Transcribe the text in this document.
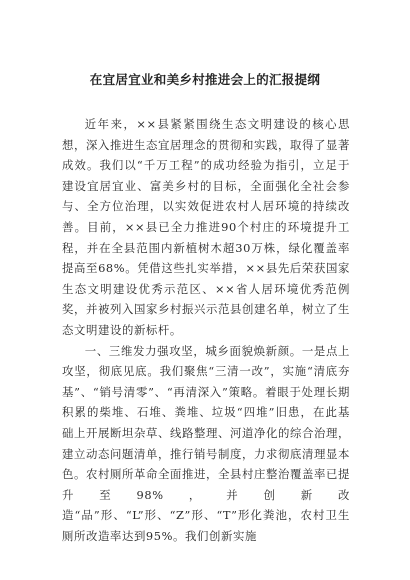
在宜居宜业和美乡村推进会上的汇报提纲

近年来，××县紧紧围绕生态文明建设的核心思想，深入推进生态宜居理念的贯彻和实践，取得了显著成效。我们以“千万工程”的成功经验为指引，立足于建设宜居宜业、富美乡村的目标，全面强化全社会参与、全方位治理，以实效促进农村人居环境的持续改善。目前，××县已全力推进90个村庄的环境提升工程，并在全县范围内新植树木超30万株，绿化覆盖率提高至68%。凭借这些扎实举措，××县先后荣获国家生态文明建设优秀示范区、××省人居环境优秀范例奖，并被列入国家乡村振兴示范县创建名单，树立了生态文明建设的新标杆。

一、三维发力强攻坚，城乡面貌焕新颜。一是点上攻坚，彻底见底。我们聚焦“三清一改”，实施“清底夯基”、“销号清零”、“再清深入”策略。着眼于处理长期积累的柴堆、石堆、粪堆、垃圾“四堆”旧患，在此基础上开展断坦杂草、线路整理、河道净化的综合治理，建立动态问题清单，推行销号制度，力求彻底清理显本色。农村厕所革命全面推进，全县村庄整治覆盖率已提升至98%，并创新改造“品”形、“L”形、“Z”形、“T”形化粪池，农村卫生厕所改造率达到95%。我们创新实施
